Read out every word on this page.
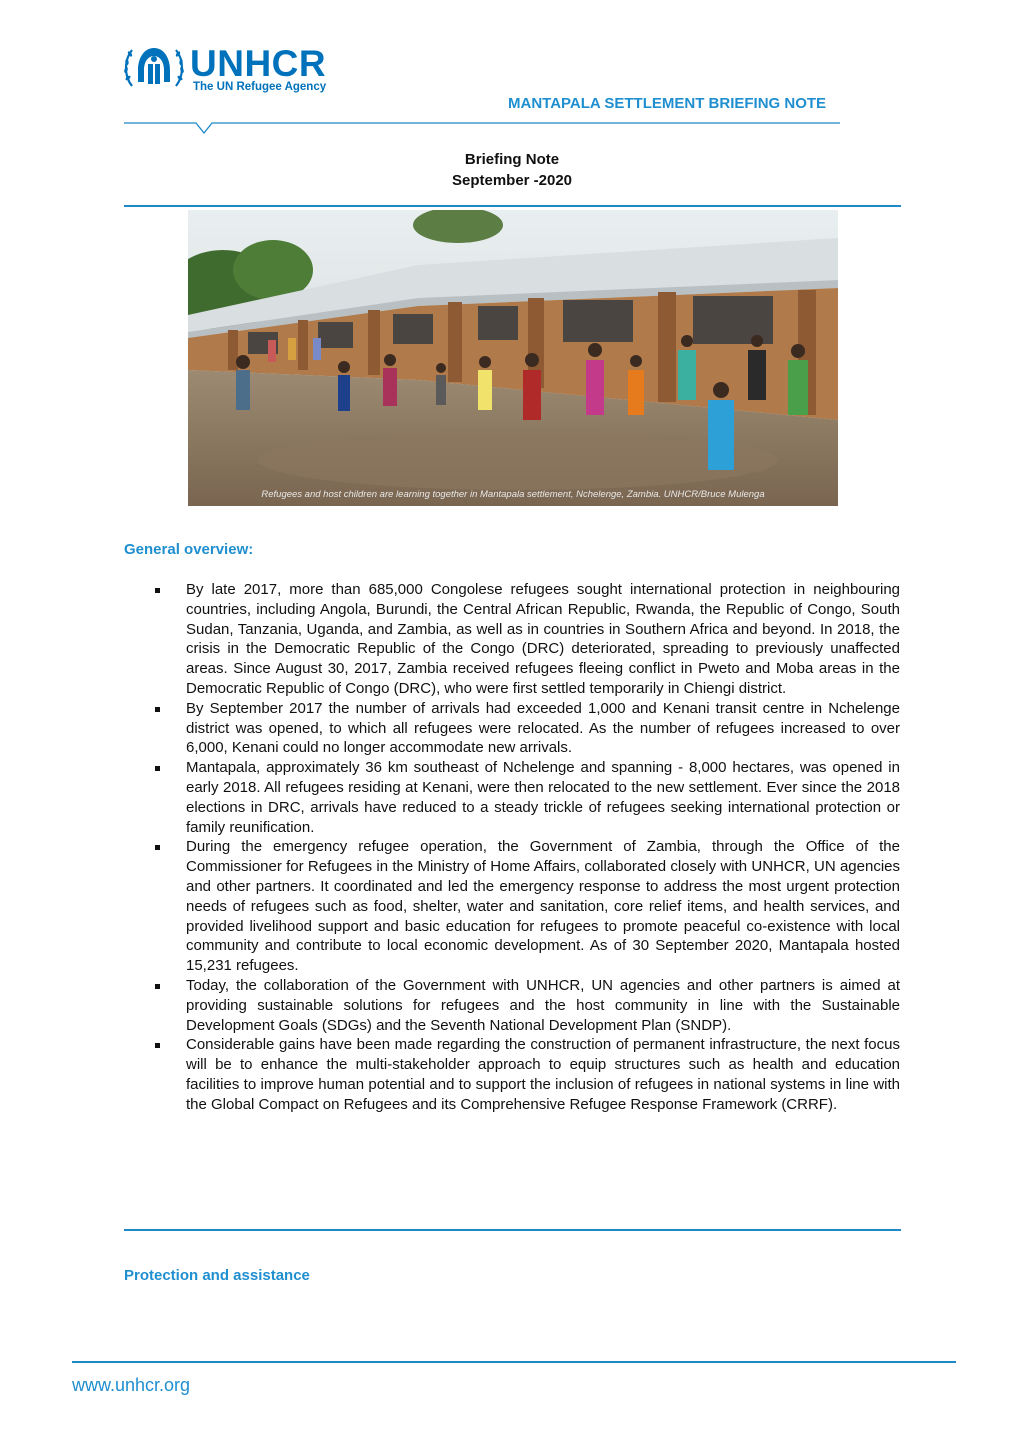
UNHCR
The UN Refugee Agency
MANTAPALA SETTLEMENT BRIEFING NOTE
Briefing Note
September -2020
Refugees and host children are learning together in Mantapala settlement, Nchelenge, Zambia. UNHCR/Bruce Mulenga
General overview:
By late 2017, more than 685,000 Congolese refugees sought international protection in neighbouring countries, including Angola, Burundi, the Central African Republic, Rwanda, the Republic of Congo, South Sudan, Tanzania, Uganda, and Zambia, as well as in countries in Southern Africa and beyond. In 2018, the crisis in the Democratic Republic of the Congo (DRC) deteriorated, spreading to previously unaffected areas. Since August 30, 2017, Zambia received refugees fleeing conflict in Pweto and Moba areas in the Democratic Republic of Congo (DRC), who were first settled temporarily in Chiengi district.
By September 2017 the number of arrivals had exceeded 1,000 and Kenani transit centre in Nchelenge district was opened, to which all refugees were relocated. As the number of refugees increased to over 6,000, Kenani could no longer accommodate new arrivals.
Mantapala, approximately 36 km southeast of Nchelenge and spanning - 8,000 hectares, was opened in early 2018. All refugees residing at Kenani, were then relocated to the new settlement. Ever since the 2018 elections in DRC, arrivals have reduced to a steady trickle of refugees seeking international protection or family reunification.
During the emergency refugee operation, the Government of Zambia, through the Office of the Commissioner for Refugees in the Ministry of Home Affairs, collaborated closely with UNHCR, UN agencies and other partners. It coordinated and led the emergency response to address the most urgent protection needs of refugees such as food, shelter, water and sanitation, core relief items, and health services, and provided livelihood support and basic education for refugees to promote peaceful co-existence with local community and contribute to local economic development. As of 30 September 2020, Mantapala hosted 15,231 refugees.
Today, the collaboration of the Government with UNHCR, UN agencies and other partners is aimed at providing sustainable solutions for refugees and the host community in line with the Sustainable Development Goals (SDGs) and the Seventh National Development Plan (SNDP).
Considerable gains have been made regarding the construction of permanent infrastructure, the next focus will be to enhance the multi-stakeholder approach to equip structures such as health and education facilities to improve human potential and to support the inclusion of refugees in national systems in line with the Global Compact on Refugees and its Comprehensive Refugee Response Framework (CRRF).
Protection and assistance
www.unhcr.org
